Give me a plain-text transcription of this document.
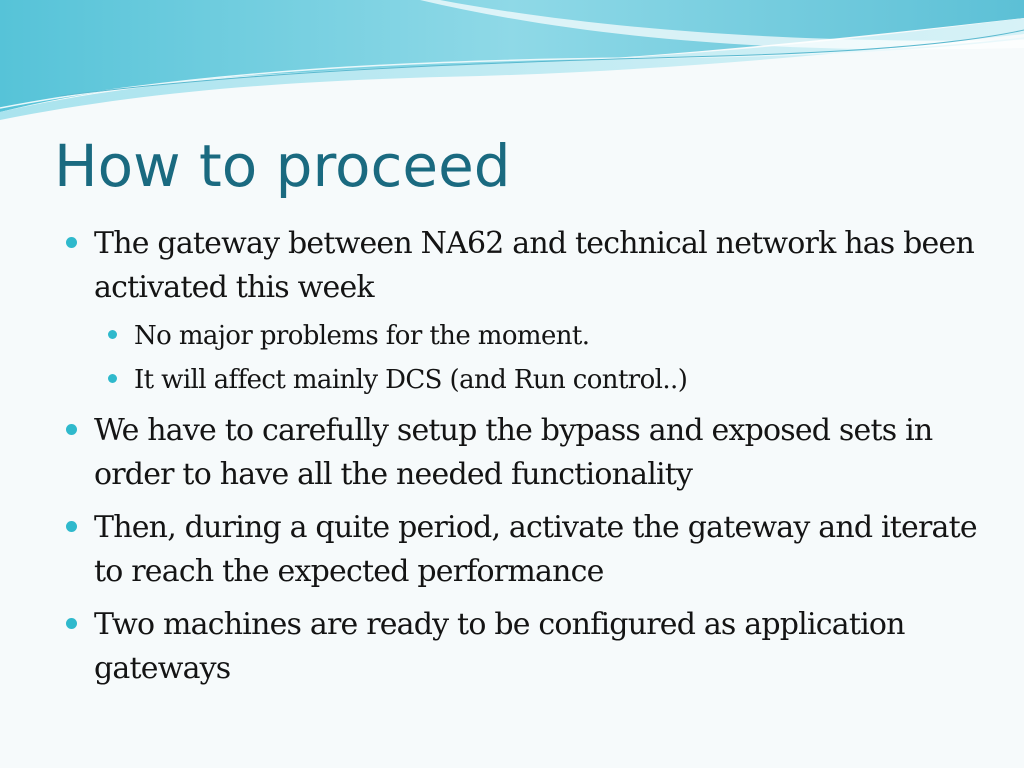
How to proceed
The gateway between NA62 and technical network has been activated this week
No major problems for the moment.
It will affect mainly DCS (and Run control..)
We have to carefully setup the bypass and exposed sets in order to have all the needed functionality
Then, during a quite period, activate the gateway and iterate to reach the expected performance
Two machines are ready to be configured as application gateways
